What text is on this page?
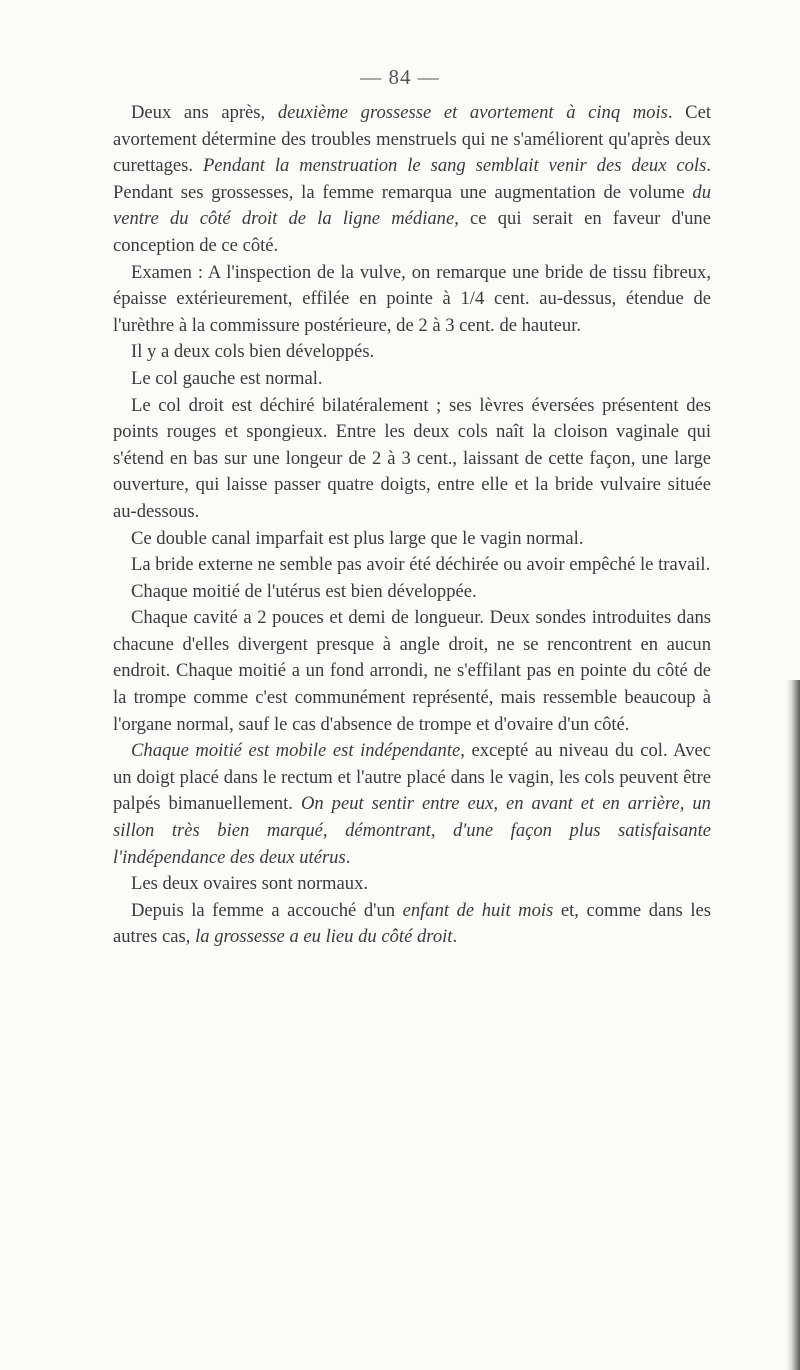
— 84 —

Deux ans après, deuxième grossesse et avortement à cinq mois. Cet avortement détermine des troubles menstruels qui ne s'améliorent qu'après deux curettages. Pendant la menstruation le sang semblait venir des deux cols. Pendant ses grossesses, la femme remarqua une augmentation de volume du ventre du côté droit de la ligne médiane, ce qui serait en faveur d'une conception de ce côté.

Examen : A l'inspection de la vulve, on remarque une bride de tissu fibreux, épaisse extérieurement, effilée en pointe à 1/4 cent. au-dessus, étendue de l'urèthre à la commissure postérieure, de 2 à 3 cent. de hauteur.

Il y a deux cols bien développés.

Le col gauche est normal.

Le col droit est déchiré bilatéralement ; ses lèvres éversées présentent des points rouges et spongieux. Entre les deux cols naît la cloison vaginale qui s'étend en bas sur une longeur de 2 à 3 cent., laissant de cette façon, une large ouverture, qui laisse passer quatre doigts, entre elle et la bride vulvaire située au-dessous.

Ce double canal imparfait est plus large que le vagin normal.

La bride externe ne semble pas avoir été déchirée ou avoir empêché le travail.

Chaque moitié de l'utérus est bien développée.

Chaque cavité a 2 pouces et demi de longueur. Deux sondes introduites dans chacune d'elles divergent presque à angle droit, ne se rencontrent en aucun endroit. Chaque moitié a un fond arrondi, ne s'effilant pas en pointe du côté de la trompe comme c'est communément représenté, mais ressemble beaucoup à l'organe normal, sauf le cas d'absence de trompe et d'ovaire d'un côté.

Chaque moitié est mobile est indépendante, excepté au niveau du col. Avec un doigt placé dans le rectum et l'autre placé dans le vagin, les cols peuvent être palpés bimanuellement. On peut sentir entre eux, en avant et en arrière, un sillon très bien marqué, démontrant, d'une façon plus satisfaisante l'indépendance des deux utérus.

Les deux ovaires sont normaux.

Depuis la femme a accouché d'un enfant de huit mois et, comme dans les autres cas, la grossesse a eu lieu du côté droit.
